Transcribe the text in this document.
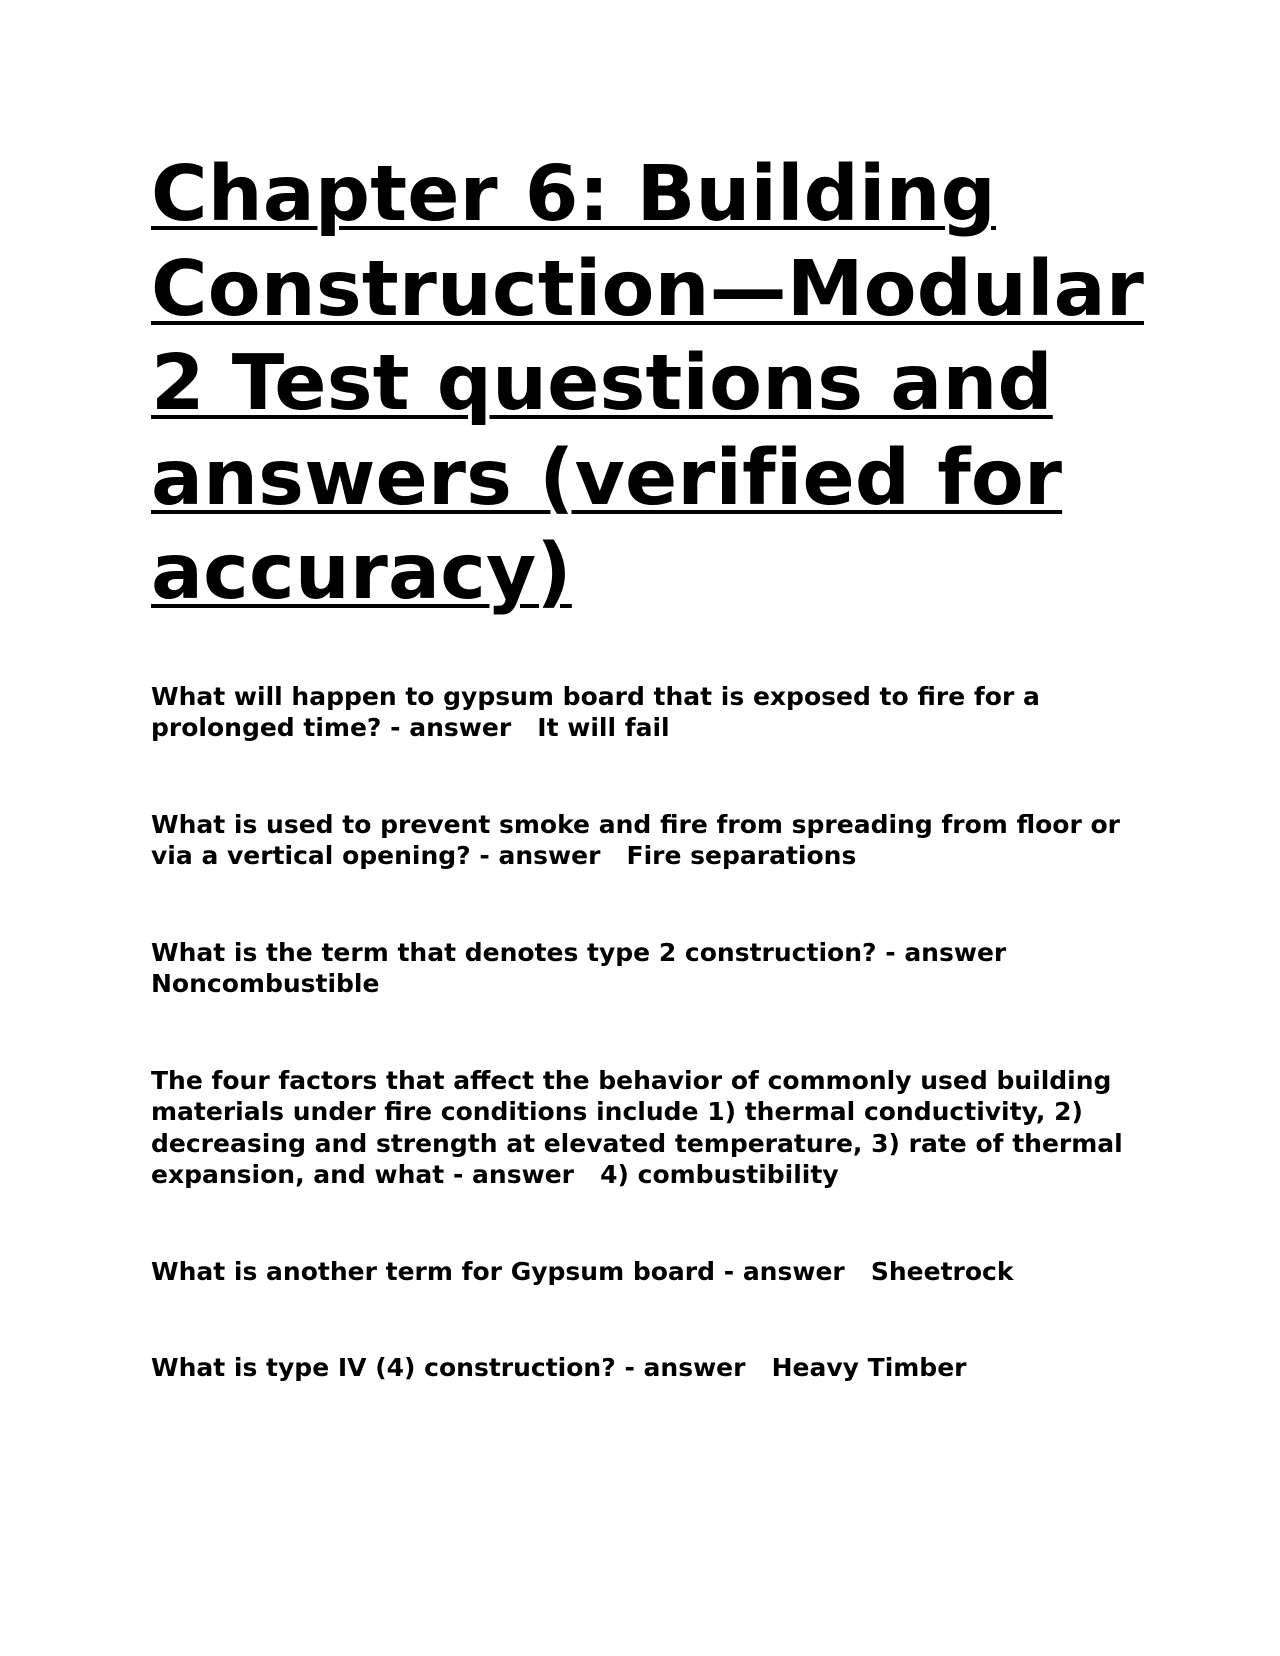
Chapter 6: Building Construction—Modular 2 Test questions and answers (verified for accuracy)

What will happen to gypsum board that is exposed to fire for a prolonged time? - answer It will fail

What is used to prevent smoke and fire from spreading from floor or via a vertical opening? - answer Fire separations

What is the term that denotes type 2 construction? - answer
Noncombustible

The four factors that affect the behavior of commonly used building materials under fire conditions include 1) thermal conductivity, 2) decreasing and strength at elevated temperature, 3) rate of thermal expansion, and what - answer 4) combustibility

What is another term for Gypsum board - answer Sheetrock

What is type IV (4) construction? - answer Heavy Timber
